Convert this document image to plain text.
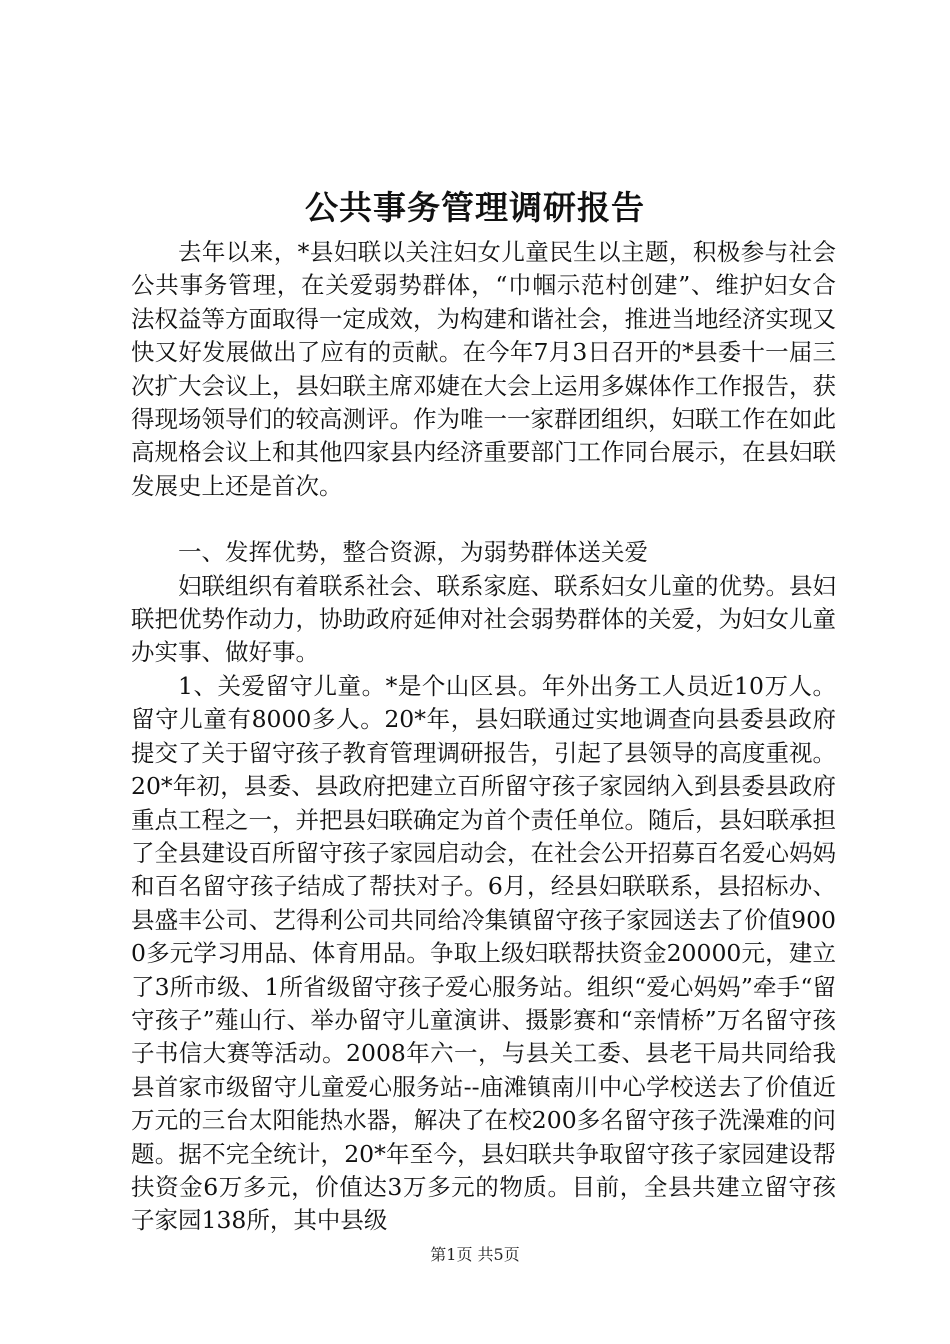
公共事务管理调研报告

去年以来，*县妇联以关注妇女儿童民生以主题，积极参与社会公共事务管理，在关爱弱势群体，“巾帼示范村创建”、维护妇女合法权益等方面取得一定成效，为构建和谐社会，推进当地经济实现又快又好发展做出了应有的贡献。在今年7月3日召开的*县委十一届三次扩大会议上，县妇联主席邓婕在大会上运用多媒体作工作报告，获得现场领导们的较高测评。作为唯一一家群团组织，妇联工作在如此高规格会议上和其他四家县内经济重要部门工作同台展示，在县妇联发展史上还是首次。

一、发挥优势，整合资源，为弱势群体送关爱

妇联组织有着联系社会、联系家庭、联系妇女儿童的优势。县妇联把优势作动力，协助政府延伸对社会弱势群体的关爱，为妇女儿童办实事、做好事。

1、关爱留守儿童。*是个山区县。年外出务工人员近10万人。留守儿童有8000多人。20*年，县妇联通过实地调查向县委县政府提交了关于留守孩子教育管理调研报告，引起了县领导的高度重视。20*年初，县委、县政府把建立百所留守孩子家园纳入到县委县政府重点工程之一，并把县妇联确定为首个责任单位。随后，县妇联承担了全县建设百所留守孩子家园启动会，在社会公开招募百名爱心妈妈和百名留守孩子结成了帮扶对子。6月，经县妇联联系，县招标办、县盛丰公司、艺得利公司共同给冷集镇留守孩子家园送去了价值9000多元学习用品、体育用品。争取上级妇联帮扶资金20000元，建立了3所市级、1所省级留守孩子爱心服务站。组织“爱心妈妈”牵手“留守孩子”薤山行、举办留守儿童演讲、摄影赛和“亲情桥”万名留守孩子书信大赛等活动。2008年六一，与县关工委、县老干局共同给我县首家市级留守儿童爱心服务站--庙滩镇南川中心学校送去了价值近万元的三台太阳能热水器，解决了在校200多名留守孩子洗澡难的问题。据不完全统计，20*年至今，县妇联共争取留守孩子家园建设帮扶资金6万多元，价值达3万多元的物质。目前，全县共建立留守孩子家园138所，其中县级

第1页 共5页
